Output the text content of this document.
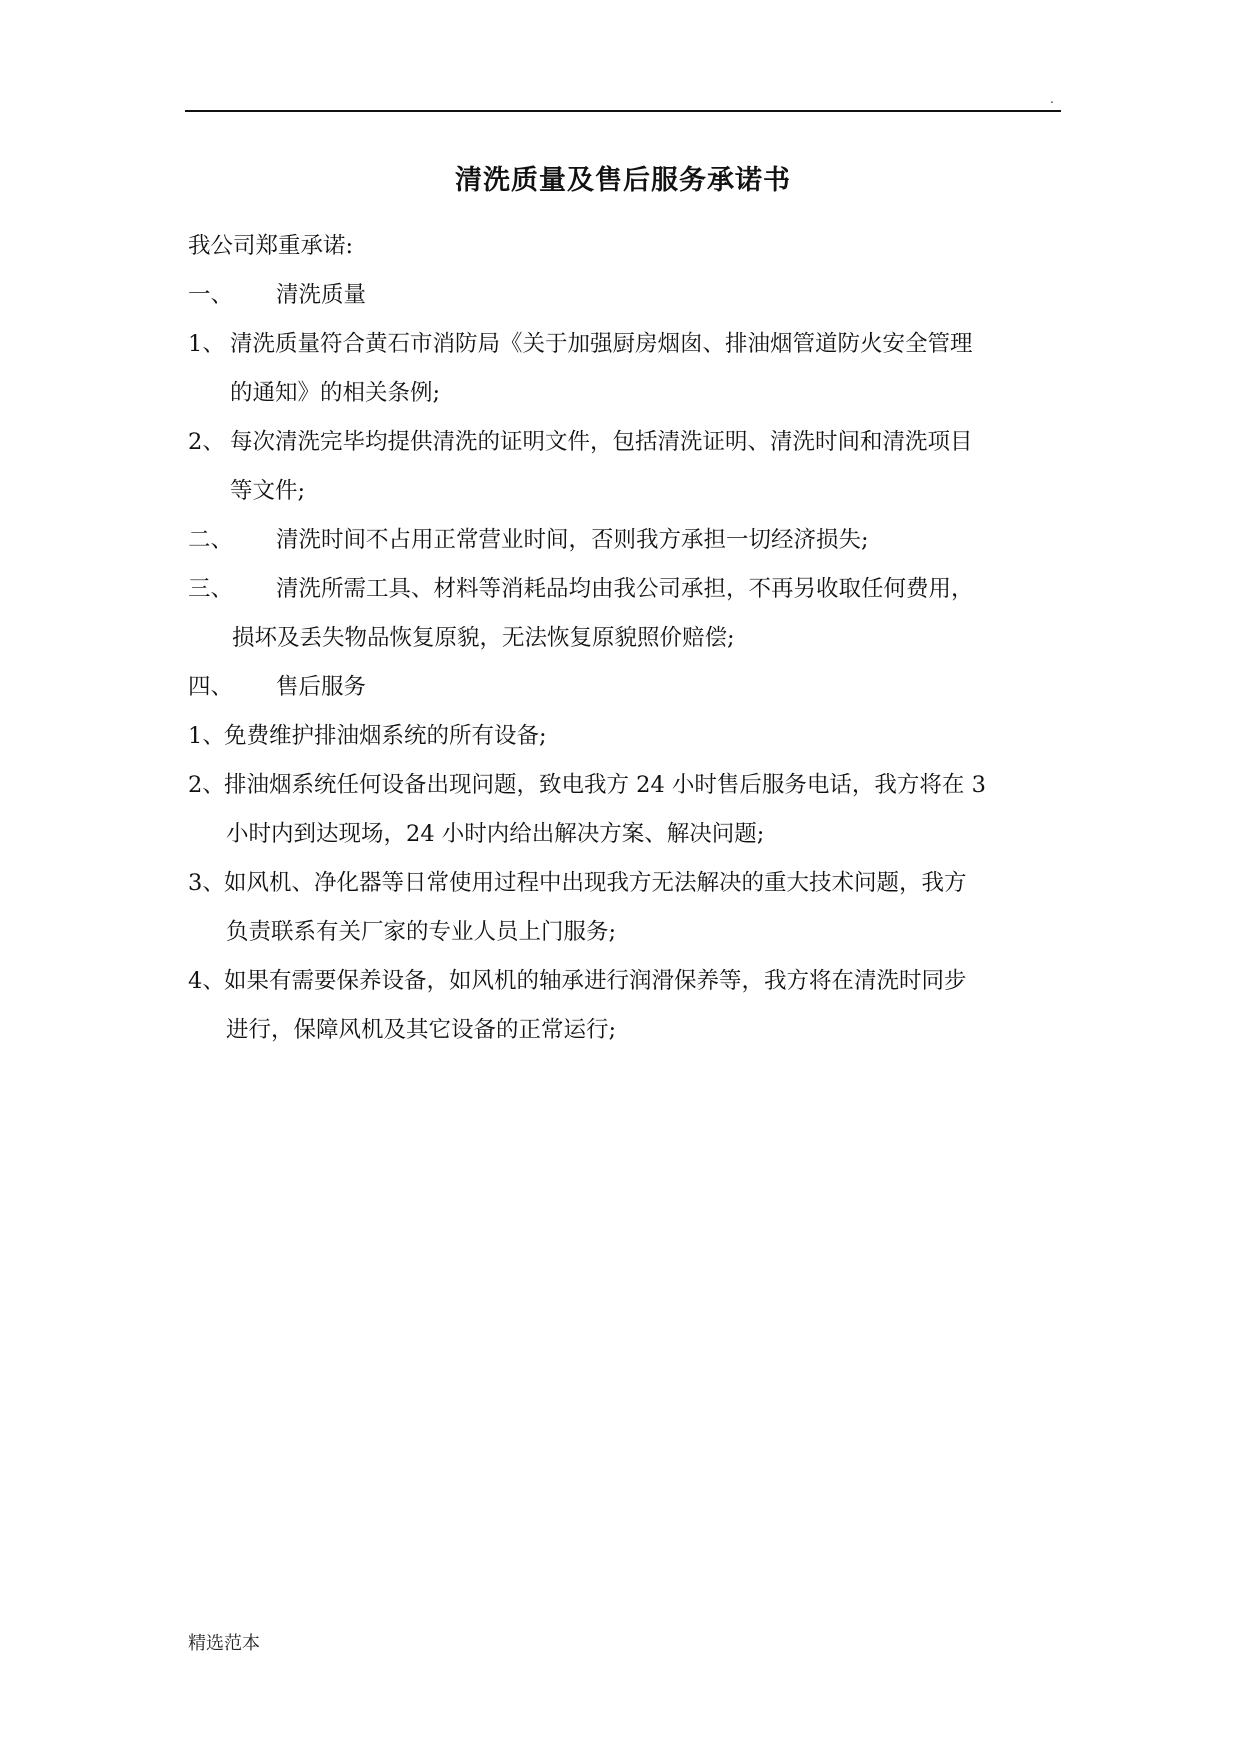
.
清洗质量及售后服务承诺书

我公司郑重承诺:

一、 清洗质量

1、 清洗质量符合黄石市消防局《关于加强厨房烟囱、排油烟管道防火安全管理

的通知》的相关条例;

2、 每次清洗完毕均提供清洗的证明文件，包括清洗证明、清洗时间和清洗项目

等文件;

二、 清洗时间不占用正常营业时间，否则我方承担一切经济损失;

三、 清洗所需工具、材料等消耗品均由我公司承担，不再另收取任何费用，

损坏及丢失物品恢复原貌，无法恢复原貌照价赔偿;

四、 售后服务

1、免费维护排油烟系统的所有设备;

2、排油烟系统任何设备出现问题，致电我方 24 小时售后服务电话，我方将在 3

小时内到达现场，24 小时内给出解决方案、解决问题;

3、如风机、净化器等日常使用过程中出现我方无法解决的重大技术问题，我方

负责联系有关厂家的专业人员上门服务;

4、如果有需要保养设备，如风机的轴承进行润滑保养等，我方将在清洗时同步

进行，保障风机及其它设备的正常运行;

精选范本
